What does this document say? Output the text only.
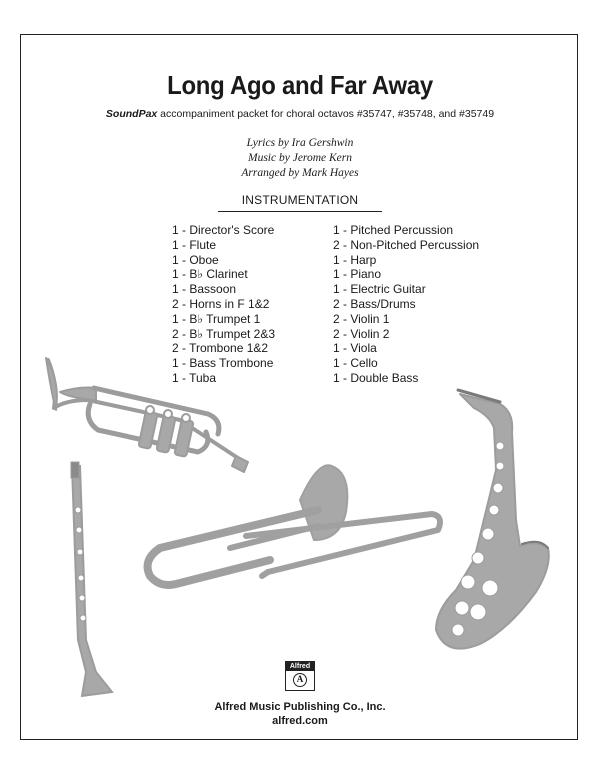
Long Ago and Far Away
SoundPax accompaniment packet for choral octavos #35747, #35748, and #35749
Lyrics by Ira Gershwin
Music by Jerome Kern
Arranged by Mark Hayes
INSTRUMENTATION
1 - Director's Score
1 - Flute
1 - Oboe
1 - B♭ Clarinet
1 - Bassoon
2 - Horns in F 1&2
1 - B♭ Trumpet 1
2 - B♭ Trumpet 2&3
2 - Trombone 1&2
1 - Bass Trombone
1 - Tuba
1 - Pitched Percussion
2 - Non-Pitched Percussion
1 - Harp
1 - Piano
1 - Electric Guitar
2 - Bass/Drums
2 - Violin 1
2 - Violin 2
1 - Viola
1 - Cello
1 - Double Bass
Alfred
A
Alfred Music Publishing Co., Inc.
alfred.com
